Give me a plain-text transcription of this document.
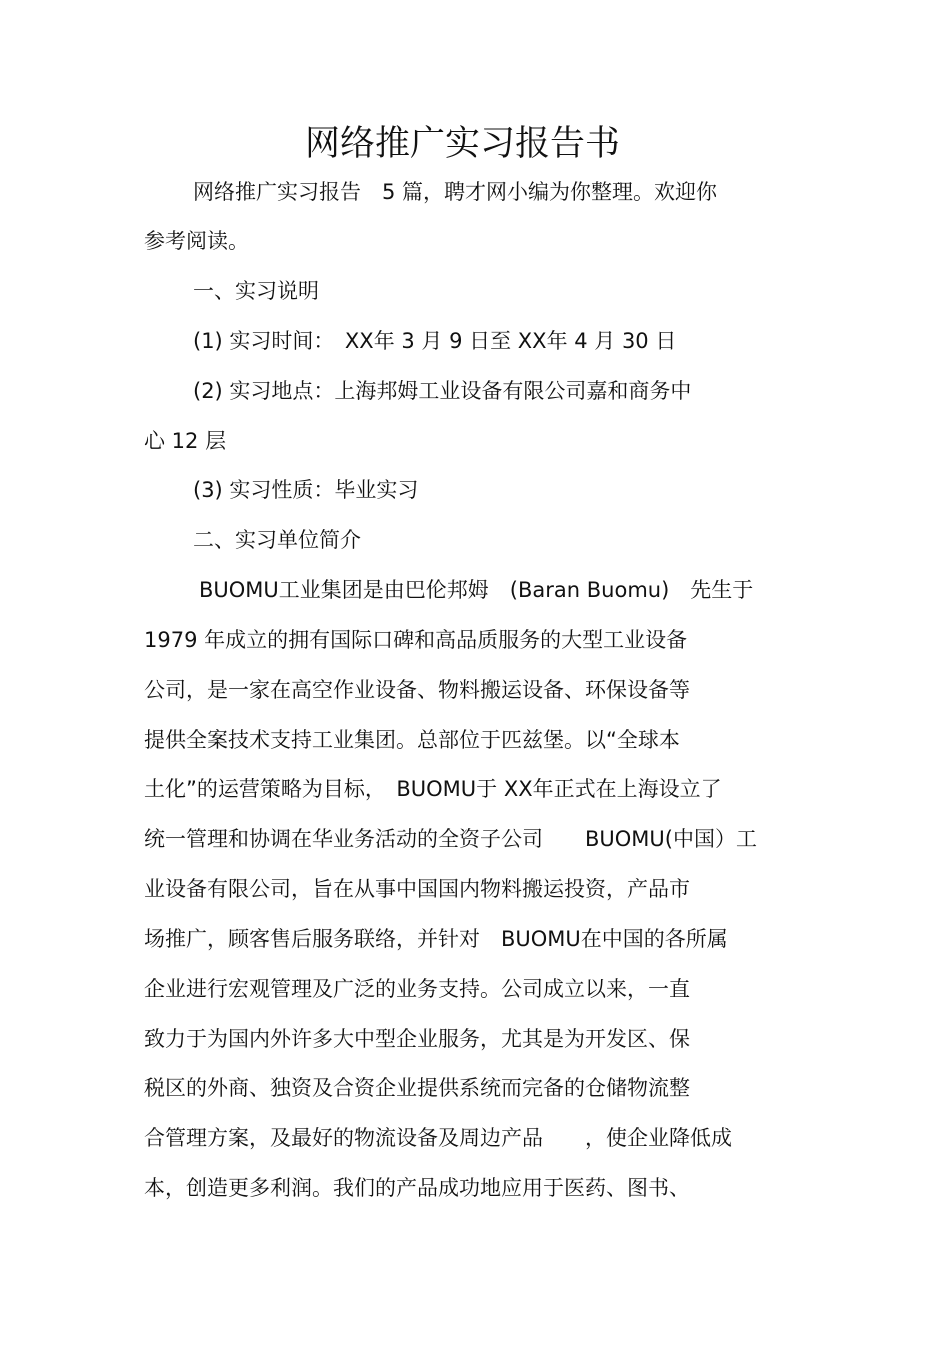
网络推广实习报告书
网络推广实习报告　5 篇，聘才网小编为你整理。欢迎你
参考阅读。
一、实习说明
(1) 实习时间：　XX年 3 月 9 日至 XX年 4 月 30 日
(2) 实习地点：上海邦姆工业设备有限公司嘉和商务中
心 12 层
(3) 实习性质：毕业实习
二、实习单位简介
BUOMU工业集团是由巴伦邦姆　(Baran Buomu)　先生于
1979 年成立的拥有国际口碑和高品质服务的大型工业设备
公司，是一家在高空作业设备、物料搬运设备、环保设备等
提供全案技术支持工业集团。总部位于匹兹堡。以“全球本
土化”的运营策略为目标，　BUOMU于 XX年正式在上海设立了
统一管理和协调在华业务活动的全资子公司　　BUOMU(中国）工
业设备有限公司，旨在从事中国国内物料搬运投资，产品市
场推广，顾客售后服务联络，并针对　BUOMU在中国的各所属
企业进行宏观管理及广泛的业务支持。公司成立以来，一直
致力于为国内外许多大中型企业服务，尤其是为开发区、保
税区的外商、独资及合资企业提供系统而完备的仓储物流整
合管理方案，及最好的物流设备及周边产品　　，使企业降低成
本，创造更多利润。我们的产品成功地应用于医药、图书、
